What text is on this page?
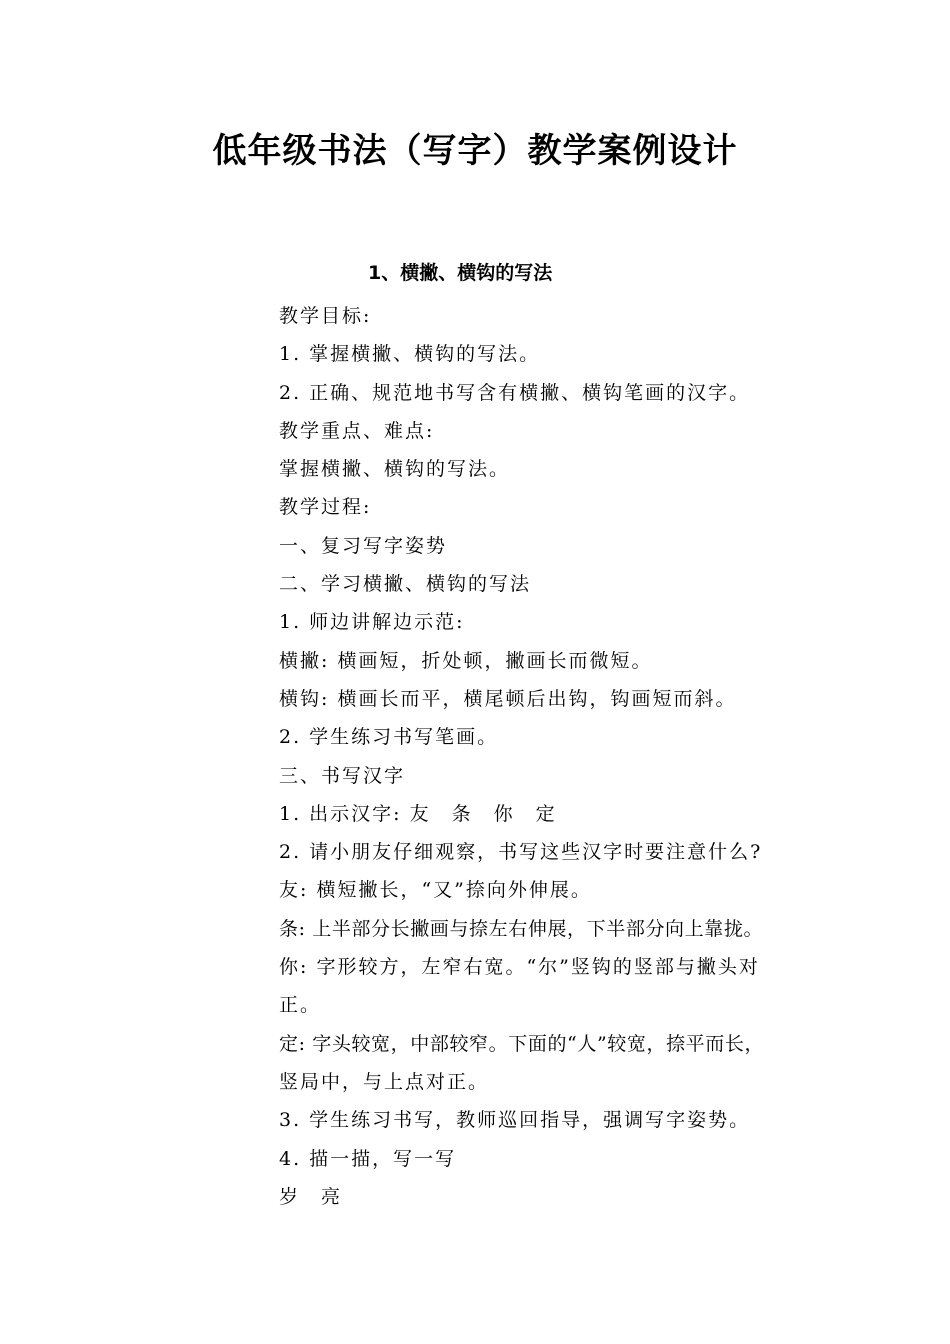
低年级书法（写字）教学案例设计
1、横撇、横钩的写法
教学目标:
1. 掌握横撇、横钩的写法。
2. 正确、规范地书写含有横撇、横钩笔画的汉字。
教学重点、难点:
掌握横撇、横钩的写法。
教学过程:
一、复习写字姿势
二、学习横撇、横钩的写法
1. 师边讲解边示范:
横撇: 横画短，折处顿，撇画长而微短。
横钩: 横画长而平，横尾顿后出钩，钩画短而斜。
2. 学生练习书写笔画。
三、书写汉字
1. 出示汉字: 友　条　你　定
2. 请小朋友仔细观察，书写这些汉字时要注意什么?
友: 横短撇长，“又”捺向外伸展。
条: 上半部分长撇画与捺左右伸展，下半部分向上靠拢。
你: 字形较方，左窄右宽。“尔”竖钩的竖部与撇头对
正。
定: 字头较宽，中部较窄。下面的“人”较宽，捺平而长，
竖局中，与上点对正。
3. 学生练习书写，教师巡回指导，强调写字姿势。
4. 描一描，写一写
岁　亮
